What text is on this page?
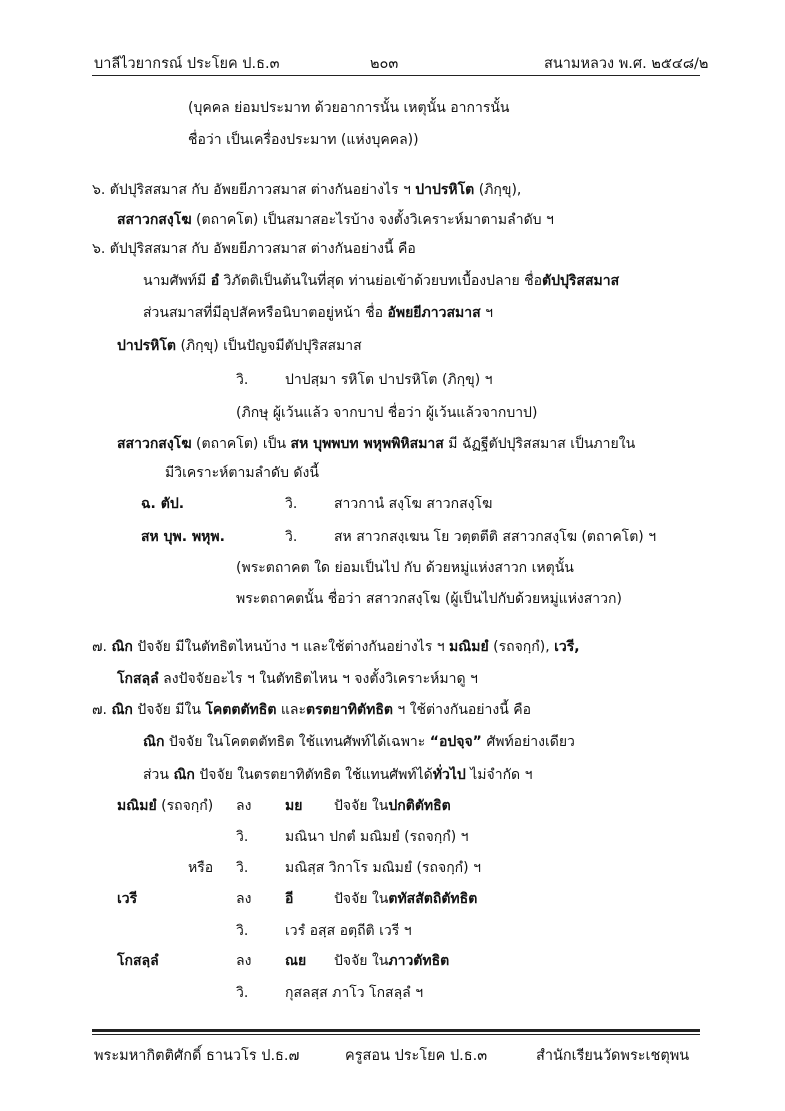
บาลีไวยากรณ์ ประโยค ป.ธ.๓	๒๐๓	สนามหลวง พ.ศ. ๒๕๔๘/๒
(บุคคล ย่อมประมาท ด้วยอาการนั้น เหตุนั้น อาการนั้น
ชื่อว่า เป็นเครื่องประมาท (แห่งบุคคล))
๖. ตัปปุริสสมาส กับ อัพยยีภาวสมาส ต่างกันอย่างไร ฯ ปาปรหิโต (ภิกฺขุ),
สสาวกสงฺโฆ (ตถาคโต) เป็นสมาสอะไรบ้าง จงตั้งวิเคราะห์มาตามลำดับ ฯ
๖. ตัปปุริสสมาส กับ อัพยยีภาวสมาส ต่างกันอย่างนี้ คือ
นามศัพท์มี อํ วิภัตติเป็นต้นในที่สุด ท่านย่อเข้าด้วยบทเบื้องปลาย ชื่อตัปปุริสสมาส
ส่วนสมาสที่มีอุปสัคหรือนิบาตอยู่หน้า ชื่อ อัพยยีภาวสมาส ฯ
ปาปรหิโต (ภิกฺขุ) เป็นปัญจมีตัปปุริสสมาส
วิ.	ปาปสฺมา รหิโต ปาปรหิโต (ภิกฺขุ) ฯ
(ภิกษุ ผู้เว้นแล้ว จากบาป ชื่อว่า ผู้เว้นแล้วจากบาป)
สสาวกสงฺโฆ (ตถาคโต) เป็น สห บุพพบท พหุพพิหิสมาส มี ฉัฏฐีตัปปุริสสมาส เป็นภายใน
มีวิเคราะห์ตามลำดับ ดังนี้
ฉ. ตัป.	วิ.	สาวกานํ สงฺโฆ สาวกสงฺโฆ
สห บุพ. พหุพ.	วิ.	สห สาวกสงฺเฆน โย วตฺตตีติ สสาวกสงฺโฆ (ตถาคโต) ฯ
(พระตถาคต ใด ย่อมเป็นไป กับ ด้วยหมู่แห่งสาวก เหตุนั้น
พระตถาคตนั้น ชื่อว่า สสาวกสงฺโฆ (ผู้เป็นไปกับด้วยหมู่แห่งสาวก)
๗. ณิก ปัจจัย มีในตัทธิตไหนบ้าง ฯ และใช้ต่างกันอย่างไร ฯ มณิมยํ (รถจกฺกํ), เวรี,
โกสลฺลํ ลงปัจจัยอะไร ฯ ในตัทธิตไหน ฯ จงตั้งวิเคราะห์มาดู ฯ
๗. ณิก ปัจจัย มีใน โคตตตัทธิต และตรตยาทิตัทธิต ฯ ใช้ต่างกันอย่างนี้ คือ
ณิก ปัจจัย ในโคตตตัทธิต ใช้แทนศัพท์ได้เฉพาะ “อปจฺจ” ศัพท์อย่างเดียว
ส่วน ณิก ปัจจัย ในตรตยาทิตัทธิต ใช้แทนศัพท์ได้ทั่วไป ไม่จำกัด ฯ
มณิมยํ (รถจกฺกํ) ลง มย ปัจจัย ในปกติตัทธิต
วิ.	มณินา ปกตํ มณิมยํ (รถจกฺกํ) ฯ
หรือ วิ.	มณิสฺส วิกาโร มณิมยํ (รถจกฺกํ) ฯ
เวรี	ลง อี	ปัจจัย ในตทัสสัตถิตัทธิต
วิ.	เวรํ อสฺส อตฺถีติ เวรี ฯ
โกสลฺลํ	ลง ณย ปัจจัย ในภาวตัทธิต
วิ.	กุสลสฺส ภาโว โกสลฺลํ ฯ
พระมหากิตติศักดิ์ ธานวโร ป.ธ.๗	ครูสอน ประโยค ป.ธ.๓	สำนักเรียนวัดพระเชตุพน
